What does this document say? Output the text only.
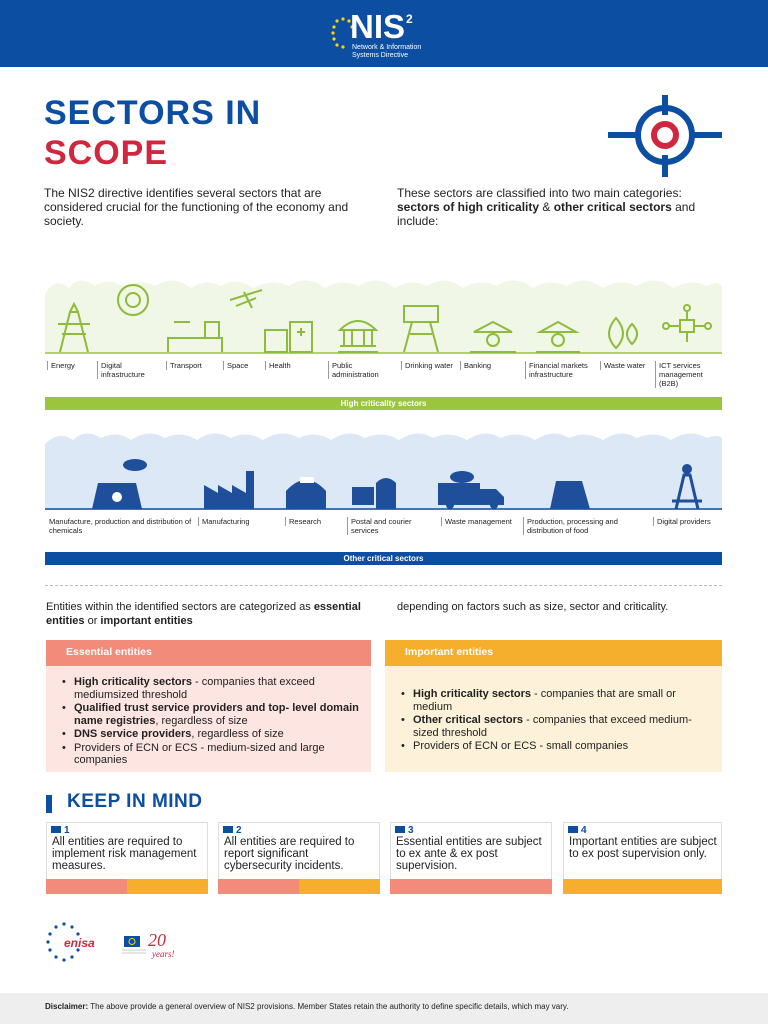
NIS$^2$
Network & Information
Systems Directive
SECTORS IN
SCOPE
The NIS2 directive identifies several sectors that are considered crucial for the functioning of the economy and society.
These sectors are classified into two main categories: sectors of high criticality & other critical sectors and include:
Energy	Digital infrastructure
Transport	Space	Health	Public administration
Drinking water	Banking	Financial markets infrastructure
Waste water	ICT services management (B2B)
High criticality sectors
Manufacture, production and distribution of chemicals
Manufacturing	Research	Postal and courier services
Waste management	Production, processing and distribution of food
Digital providers
Other critical sectors
Entities within the identified sectors are categorized as essential entities or important entities
depending on factors such as size, sector and criticality.
Essential entities
• High criticality sectors - companies that exceed mediumsized threshold
• Qualified trust service providers and top- level domain name registries, regardless of size
• DNS service providers, regardless of size
• Providers of ECN or ECS - medium-sized and large companies
Important entities
• High criticality sectors - companies that are small or medium
• Other critical sectors - companies that exceed medium- sized threshold
• Providers of ECN or ECS - small companies
KEEP IN MIND
1
All entities are required to implement risk management measures.
2
All entities are required to report significant cybersecurity incidents.
3
Essential entities are subject to ex ante & ex post supervision.
4
Important entities are subject to ex post supervision only.
enisa	20
years!
Disclaimer: The above provide a general overview of NIS2 provisions. Member States retain the authority to define specific details, which may vary.
